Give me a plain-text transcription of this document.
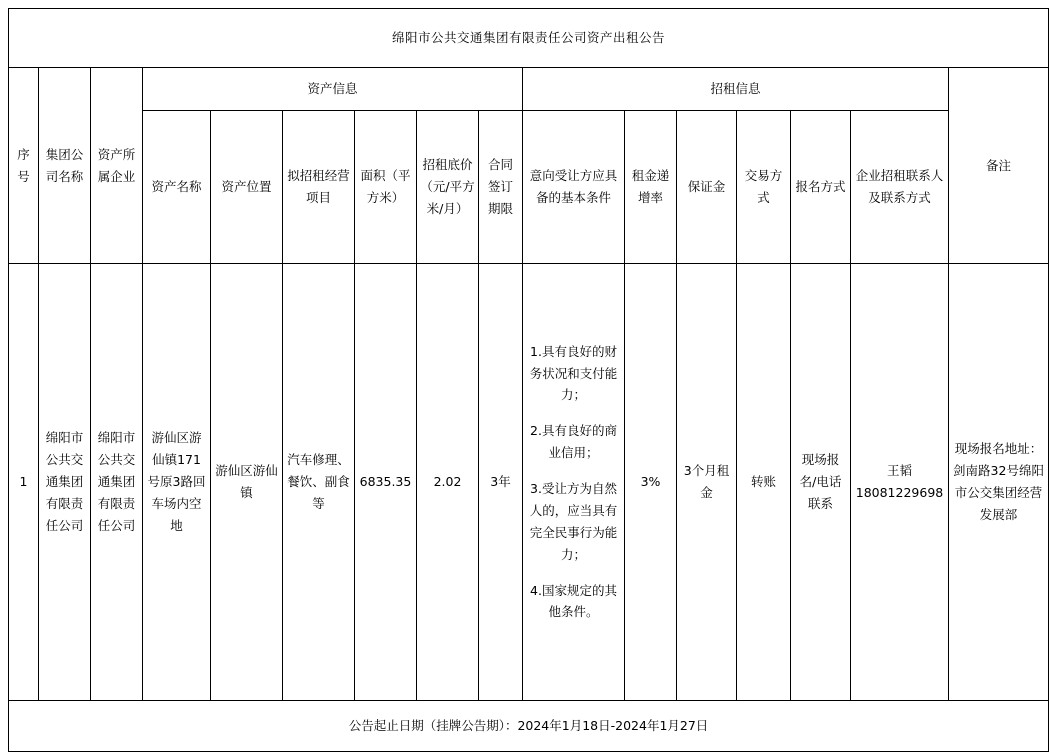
绵阳市公共交通集团有限责任公司资产出租公告															
序号	集团公司名称	资产所属企业	资产信息						招租信息						备注
			资产名称	资产位置	拟招租经营项目	面积（平方米）	招租底价（元/平方米/月）	合同签订期限	意向受让方应具备的基本条件	租金递增率	保证金	交易方式	报名方式	企业招租联系人及联系方式	
1	绵阳市公共交通集团有限责任公司	绵阳市公共交通集团有限责任公司	游仙区游仙镇171号原3路回车场内空地	游仙区游仙镇	汽车修理、餐饮、副食等	6835.35	2.02	3年	1.具有良好的财务状况和支付能力；

2.具有良好的商业信用；

3.受让方为自然人的，应当具有完全民事行为能力；

4.国家规定的其他条件。	3%	3个月租金	转账	现场报名/电话联系	王韬18081229698	现场报名地址：剑南路32号绵阳市公交集团经营发展部
公告起止日期（挂牌公告期）：2024年1月18日-2024年1月27日															
